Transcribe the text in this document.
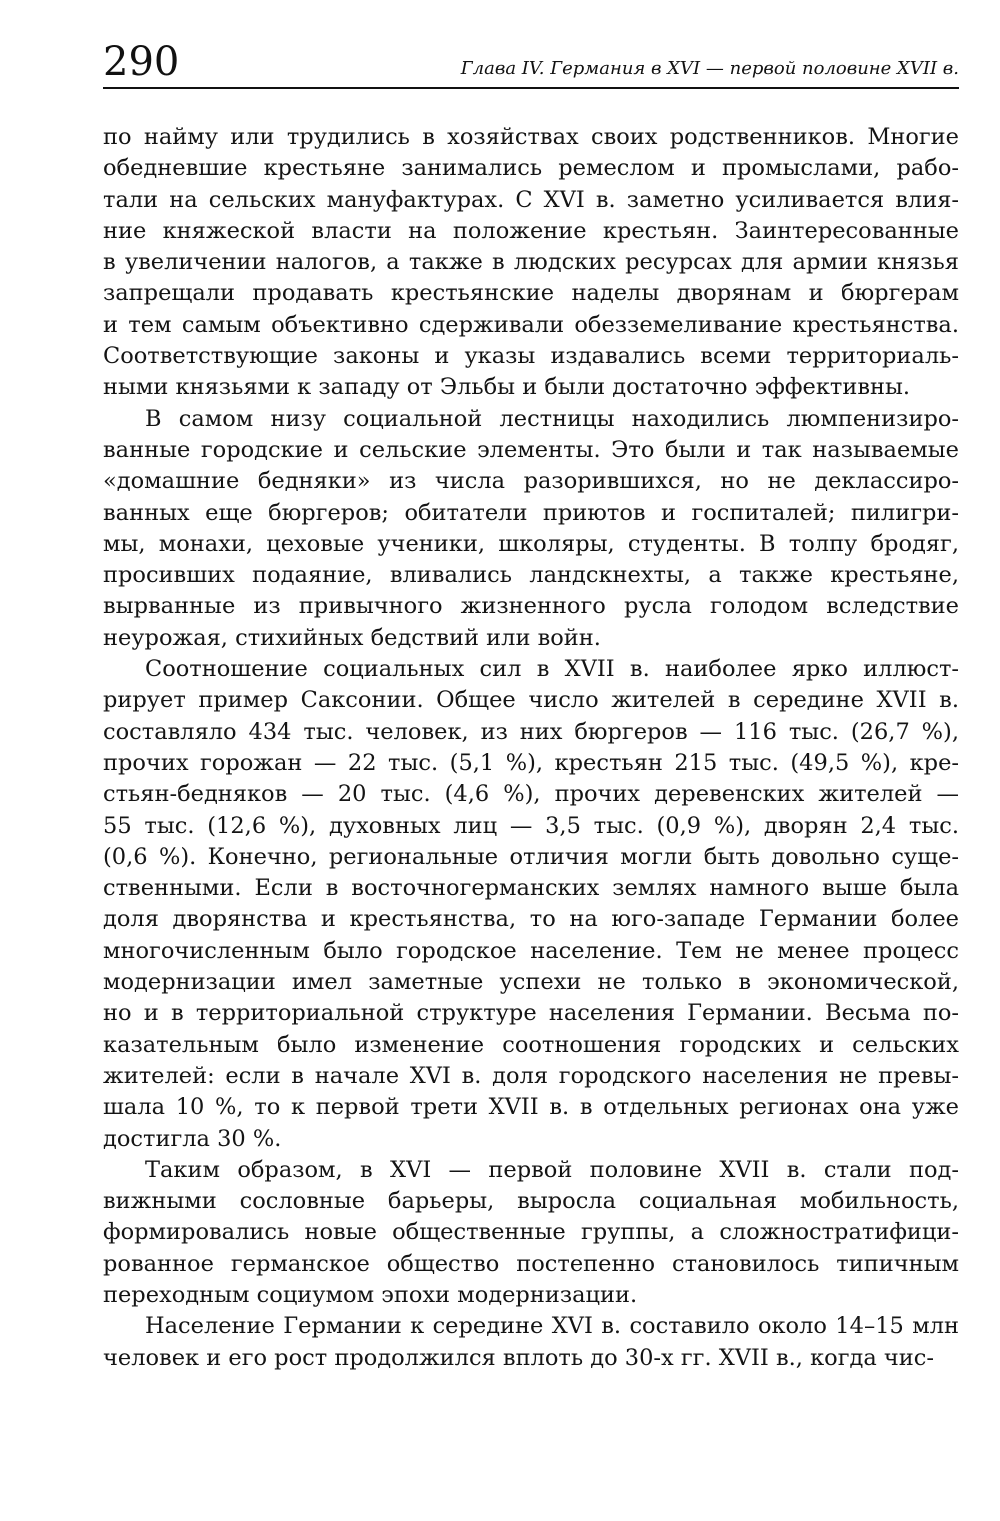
290	Глава IV. Германия в XVI — первой половине XVII в.
по найму или трудились в хозяйствах своих родственников. Многие
обедневшие крестьяне занимались ремеслом и промыслами, рабо-
тали на сельских мануфактурах. С XVI в. заметно усиливается влия-
ние княжеской власти на положение крестьян. Заинтересованные
в увеличении налогов, а также в людских ресурсах для армии князья
запрещали продавать крестьянские наделы дворянам и бюргерам
и тем самым объективно сдерживали обезземеливание крестьянства.
Соответствующие законы и указы издавались всеми территориаль-
ными князьями к западу от Эльбы и были достаточно эффективны.
В самом низу социальной лестницы находились люмпенизиро-
ванные городские и сельские элементы. Это были и так называемые
«домашние бедняки» из числа разорившихся, но не деклассиро-
ванных еще бюргеров; обитатели приютов и госпиталей; пилигри-
мы, монахи, цеховые ученики, школяры, студенты. В толпу бродяг,
просивших подаяние, вливались ландскнехты, а также крестьяне,
вырванные из привычного жизненного русла голодом вследствие
неурожая, стихийных бедствий или войн.
Соотношение социальных сил в XVII в. наиболее ярко иллюст-
рирует пример Саксонии. Общее число жителей в середине XVII в.
составляло 434 тыс. человек, из них бюргеров — 116 тыс. (26,7 %),
прочих горожан — 22 тыс. (5,1 %), крестьян 215 тыс. (49,5 %), кре-
стьян-бедняков — 20 тыс. (4,6 %), прочих деревенских жителей —
55 тыс. (12,6 %), духовных лиц — 3,5 тыс. (0,9 %), дворян 2,4 тыс.
(0,6 %). Конечно, региональные отличия могли быть довольно суще-
ственными. Если в восточногерманских землях намного выше была
доля дворянства и крестьянства, то на юго-западе Германии более
многочисленным было городское население. Тем не менее процесс
модернизации имел заметные успехи не только в экономической,
но и в территориальной структуре населения Германии. Весьма по-
казательным было изменение соотношения городских и сельских
жителей: если в начале XVI в. доля городского населения не превы-
шала 10 %, то к первой трети XVII в. в отдельных регионах она уже
достигла 30 %.
Таким образом, в XVI — первой половине XVII в. стали под-
вижными сословные барьеры, выросла социальная мобильность,
формировались новые общественные группы, а сложностратифици-
рованное германское общество постепенно становилось типичным
переходным социумом эпохи модернизации.
Население Германии к середине XVI в. составило около 14–15 млн
человек и его рост продолжился вплоть до 30-х гг. XVII в., когда чис-
